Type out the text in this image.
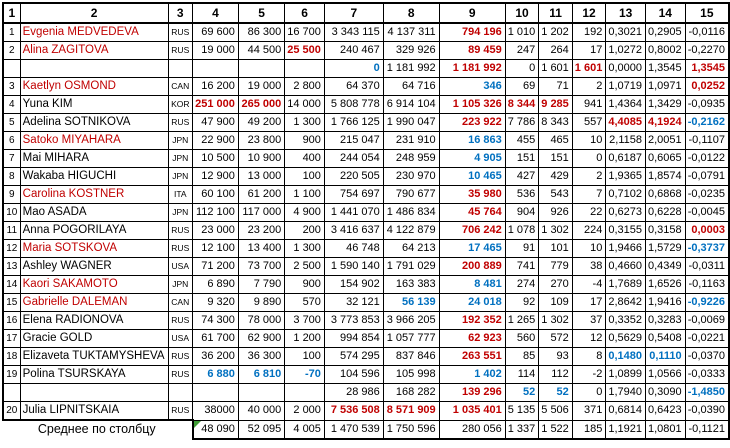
1	2	3	4	5	6	7	8	9	10	11	12	13	14	15
1	Evgenia MEDVEDEVA	RUS	69 600	86 300	16 700	3 343 115	4 137 311	794 196	1 010	1 202	192	0,3021	0,2905	-0,0116
2	Alina ZAGITOVA	RUS	19 000	44 500	25 500	240 467	329 926	89 459	247	264	17	1,0272	0,8002	-0,2270
						0	1 181 992	1 181 992	0	1 601	1 601	0,0000	1,3545	1,3545
3	Kaetlyn OSMOND	CAN	16 200	19 000	2 800	64 370	64 716	346	69	71	2	1,0719	1,0971	0,0252
4	Yuna KIM	KOR	251 000	265 000	14 000	5 808 778	6 914 104	1 105 326	8 344	9 285	941	1,4364	1,3429	-0,0935
5	Adelina SOTNIKOVA	RUS	47 900	49 200	1 300	1 766 125	1 990 047	223 922	7 786	8 343	557	4,4085	4,1924	-0,2162
6	Satoko MIYAHARA	JPN	22 900	23 800	900	215 047	231 910	16 863	455	465	10	2,1158	2,0051	-0,1107
7	Mai MIHARA	JPN	10 500	10 900	400	244 054	248 959	4 905	151	151	0	0,6187	0,6065	-0,0122
8	Wakaba HIGUCHI	JPN	12 900	13 000	100	220 505	230 970	10 465	427	429	2	1,9365	1,8574	-0,0791
9	Carolina KOSTNER	ITA	60 100	61 200	1 100	754 697	790 677	35 980	536	543	7	0,7102	0,6868	-0,0235
10	Mao ASADA	JPN	112 100	117 000	4 900	1 441 070	1 486 834	45 764	904	926	22	0,6273	0,6228	-0,0045
11	Anna POGORILAYA	RUS	23 000	23 200	200	3 416 637	4 122 879	706 242	1 078	1 302	224	0,3155	0,3158	0,0003
12	Maria SOTSKOVA	RUS	12 100	13 400	1 300	46 748	64 213	17 465	91	101	10	1,9466	1,5729	-0,3737
13	Ashley WAGNER	USA	71 200	73 700	2 500	1 590 140	1 791 029	200 889	741	779	38	0,4660	0,4349	-0,0311
14	Kaori SAKAMOTO	JPN	6 890	7 790	900	154 902	163 383	8 481	274	270	-4	1,7689	1,6526	-0,1163
15	Gabrielle DALEMAN	CAN	9 320	9 890	570	32 121	56 139	24 018	92	109	17	2,8642	1,9416	-0,9226
16	Elena RADIONOVA	RUS	74 300	78 000	3 700	3 773 853	3 966 205	192 352	1 265	1 302	37	0,3352	0,3283	-0,0069
17	Gracie GOLD	USA	61 700	62 900	1 200	994 854	1 057 777	62 923	560	572	12	0,5629	0,5408	-0,0221
18	Elizaveta TUKTAMYSHEVA	RUS	36 200	36 300	100	574 295	837 846	263 551	85	93	8	0,1480	0,1110	-0,0370
19	Polina TSURSKAYA	RUS	6 880	6 810	-70	104 596	105 998	1 402	114	112	-2	1,0899	1,0566	-0,0333
						28 986	168 282	139 296	52	52	0	1,7940	0,3090	-1,4850
20	Julia LIPNITSKAIA	RUS	38000	40 000	2 000	7 536 508	8 571 909	1 035 401	5 135	5 506	371	0,6814	0,6423	-0,0390
Среднее по столбцу			48 090	52 095	4 005	1 470 539	1 750 596	280 056	1 337	1 522	185	1,1921	1,0801	-0,1121
